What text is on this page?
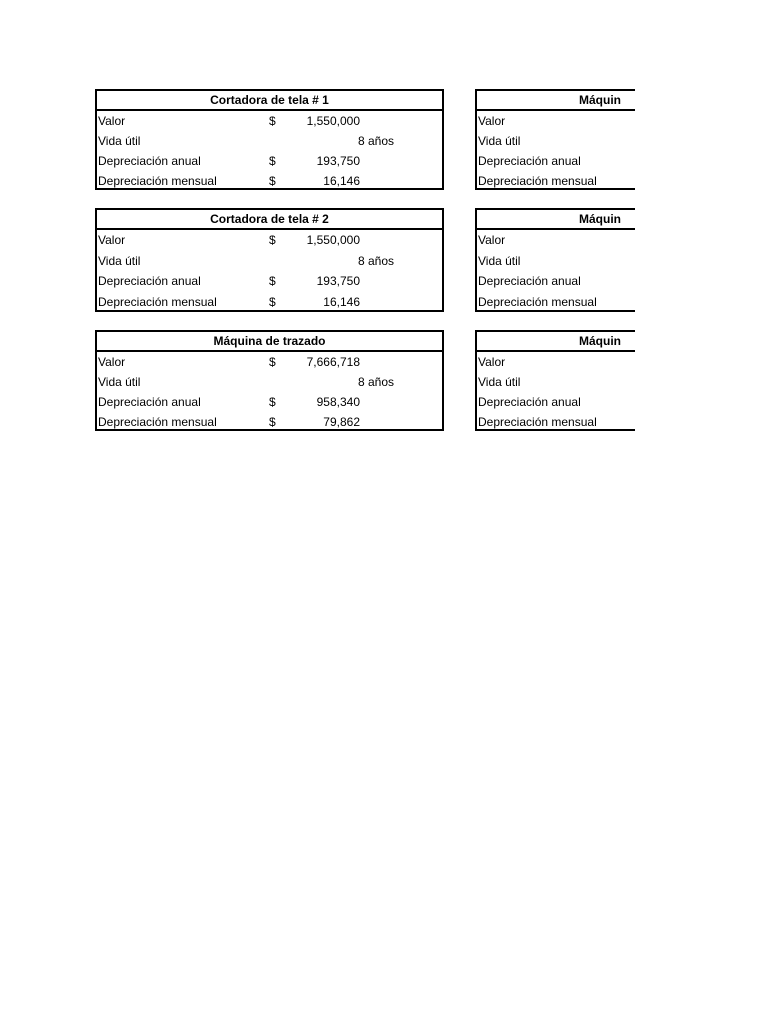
Cortadora de tela # 1
Valor	$	1,550,000
Vida útil	8 años
Depreciación anual	$	193,750
Depreciación mensual	$	16,146
Cortadora de tela # 2
Valor	$	1,550,000
Vida útil	8 años
Depreciación anual	$	193,750
Depreciación mensual	$	16,146
Máquina de trazado
Valor	$	7,666,718
Vida útil	8 años
Depreciación anual	$	958,340
Depreciación mensual	$	79,862
Máquin
Valor
Vida útil
Depreciación anual
Depreciación mensual
Máquin
Valor
Vida útil
Depreciación anual
Depreciación mensual
Máquin
Valor
Vida útil
Depreciación anual
Depreciación mensual
